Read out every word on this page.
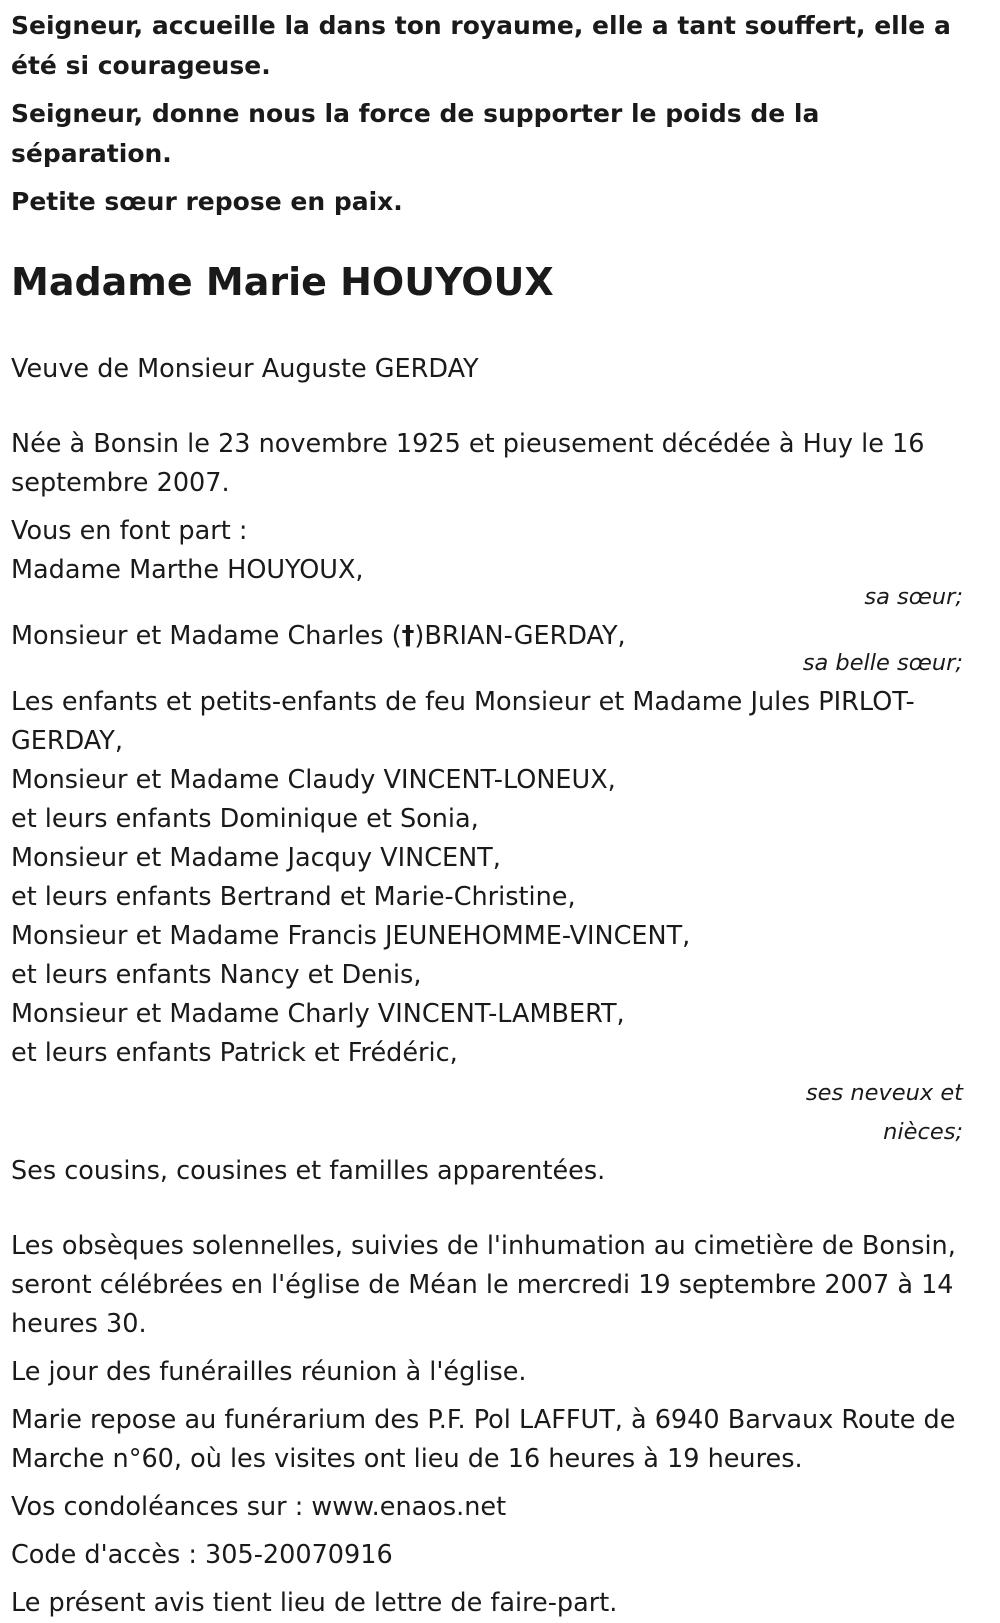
Seigneur, accueille la dans ton royaume, elle a tant souffert, elle a été si courageuse.

Seigneur, donne nous la force de supporter le poids de la séparation.

Petite sœur repose en paix.

Madame Marie HOUYOUX

Veuve de Monsieur Auguste GERDAY

Née à Bonsin le 23 novembre 1925 et pieusement décédée à Huy le 16 septembre 2007.

Vous en font part :

Madame Marthe HOUYOUX,

sa sœur;

Monsieur et Madame Charles (†)BRIAN-GERDAY,

sa belle sœur;

Les enfants et petits-enfants de feu Monsieur et Madame Jules PIRLOT-GERDAY,

Monsieur et Madame Claudy VINCENT-LONEUX,

et leurs enfants Dominique et Sonia,

Monsieur et Madame Jacquy VINCENT,

et leurs enfants Bertrand et Marie-Christine,

Monsieur et Madame Francis JEUNEHOMME-VINCENT,

et leurs enfants Nancy et Denis,

Monsieur et Madame Charly VINCENT-LAMBERT,

et leurs enfants Patrick et Frédéric,

ses neveux et nièces;

Ses cousins, cousines et familles apparentées.

Les obsèques solennelles, suivies de l'inhumation au cimetière de Bonsin, seront célébrées en l'église de Méan le mercredi 19 septembre 2007 à 14 heures 30.

Le jour des funérailles réunion à l'église.

Marie repose au funérarium des P.F. Pol LAFFUT, à 6940 Barvaux Route de Marche n°60, où les visites ont lieu de 16 heures à 19 heures.

Vos condoléances sur : www.enaos.net

Code d'accès : 305-20070916

Le présent avis tient lieu de lettre de faire-part.
